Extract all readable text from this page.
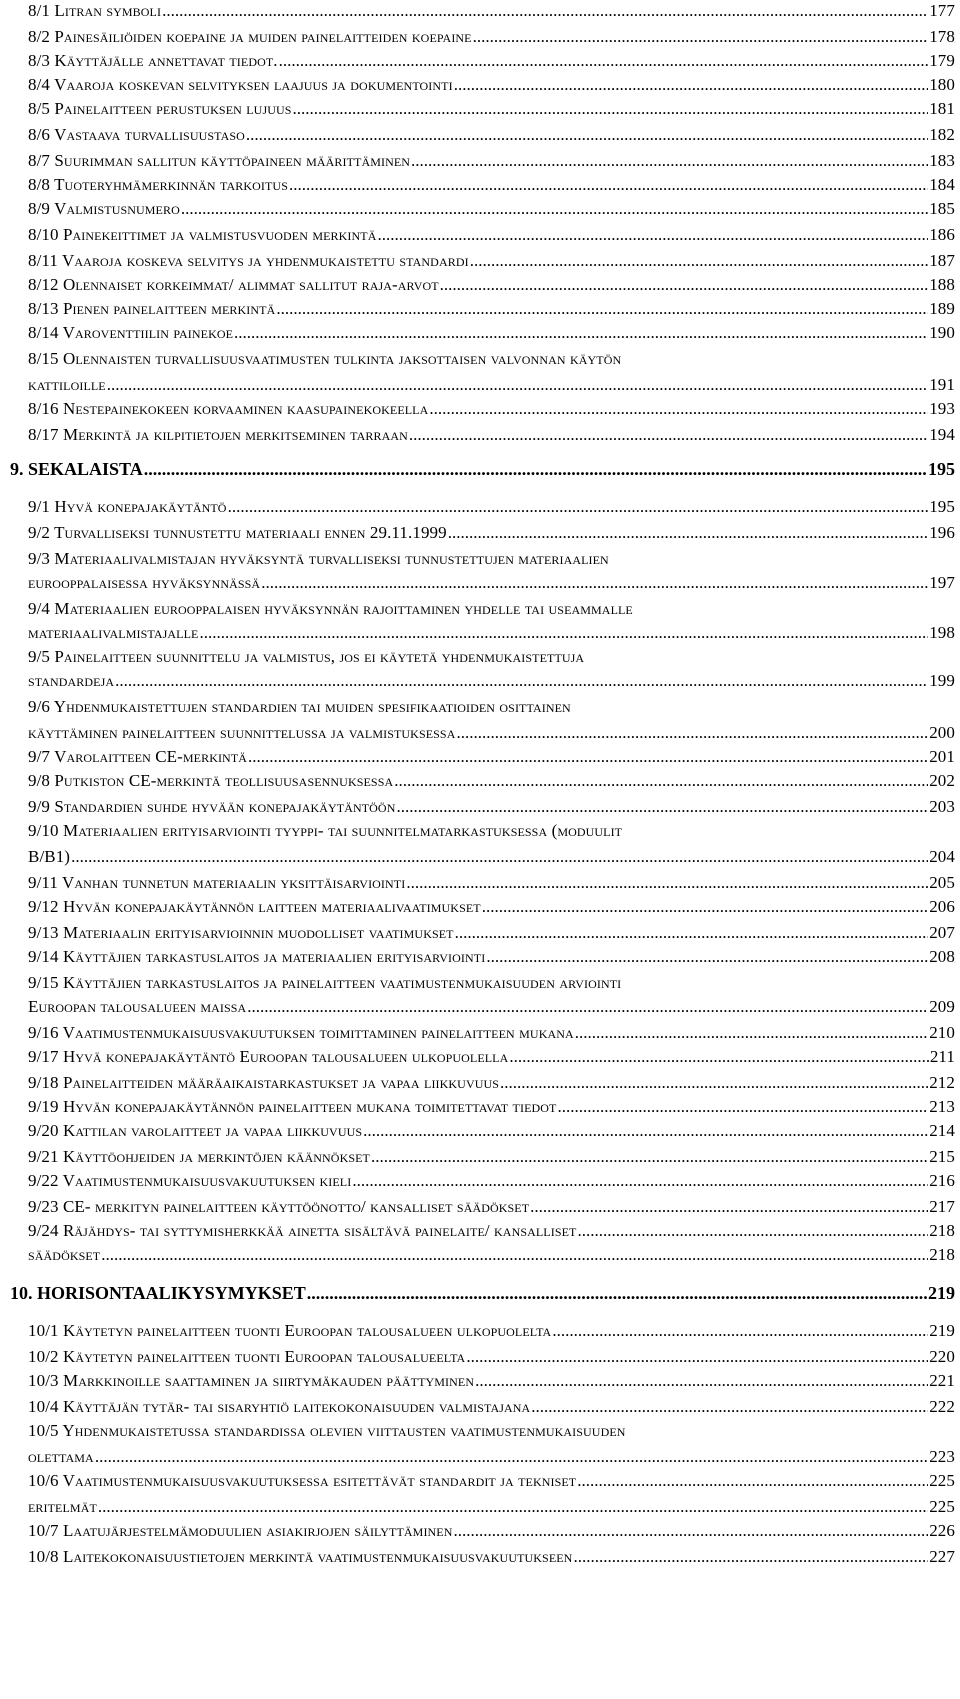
8/1 Litran symboli .....	177
8/2 Painesäiliöiden koepaine ja muiden painelaitteiden koepaine .....	178
8/3 Käyttäjälle annettavat tiedot. .....	179
8/4 Vaaroja koskevan selvityksen laajuus ja dokumentointi .....	180
8/5 Painelaitteen perustuksen lujuus .....	181
8/6 Vastaava turvallisuustaso .....	182
8/7 Suurimman sallitun käyttöpaineen määrittäminen .....	183
8/8 Tuoteryhmämerkinnän tarkoitus .....	184
8/9 Valmistusnumero .....	185
8/10 Painekeittimet ja valmistusvuoden merkintä .....	186
8/11 Vaaroja koskeva selvitys ja yhdenmukaistettu standardi .....	187
8/12 Olennaiset korkeimmat/ alimmat sallitut raja-arvot .....	188
8/13 Pienen painelaitteen merkintä .....	189
8/14 Varoventtiilin painekoe .....	190
8/15 Olennaisten turvallisuusvaatimusten tulkinta jaksottaisen valvonnan käytön
kattiloille .....	191
8/16 Nestepainekokeen korvaaminen kaasupainekokeella .....	193
8/17 Merkintä ja kilpitietojen merkitseminen tarraan .....	194
9. SEKALAISTA .....	195
9/1 Hyvä konepajakäytäntö .....	195
9/2 Turvalliseksi tunnustettu materiaali ennen 29.11.1999 .....	196
9/3 Materiaalivalmistajan hyväksyntä turvalliseksi tunnustettujen materiaalien
eurooppalaisessa hyväksynnässä .....	197
9/4 Materiaalien eurooppalaisen hyväksynnän rajoittaminen yhdelle tai useammalle
materiaalivalmistajalle .....	198
9/5 Painelaitteen suunnittelu ja valmistus, jos ei käytetä yhdenmukaistettuja
standardeja .....	199
9/6 Yhdenmukaistettujen standardien tai muiden spesifikaatioiden osittainen
käyttäminen painelaitteen suunnittelussa ja valmistuksessa .....	200
9/7 Varolaitteen CE-merkintä .....	201
9/8 Putkiston CE-merkintä teollisuusasennuksessa .....	202
9/9 Standardien suhde hyvään konepajakäytäntöön .....	203
9/10 Materiaalien erityisarviointi tyyppi- tai suunnitelmatarkastuksessa (moduulit
B/B1) .....	204
9/11 Vanhan tunnetun materiaalin yksittäisarviointi .....	205
9/12 Hyvän konepajakäytännön laitteen materiaalivaatimukset .....	206
9/13 Materiaalin erityisarvioinnin muodolliset vaatimukset .....	207
9/14 Käyttäjien tarkastuslaitos ja materiaalien erityisarviointi .....	208
9/15 Käyttäjien tarkastuslaitos ja painelaitteen vaatimustenmukaisuuden arviointi
Euroopan talousalueen maissa .....	209
9/16 Vaatimustenmukaisuusvakuutuksen toimittaminen painelaitteen mukana .....	210
9/17 Hyvä konepajakäytäntö Euroopan talousalueen ulkopuolella .....	211
9/18 Painelaitteiden määräaikaistarkastukset ja vapaa liikkuvuus .....	212
9/19 Hyvän konepajakäytännön painelaitteen mukana toimitettavat tiedot .....	213
9/20 Kattilan varolaitteet ja vapaa liikkuvuus .....	214
9/21 Käyttöohjeiden ja merkintöjen käännökset .....	215
9/22 Vaatimustenmukaisuusvakuutuksen kieli .....	216
9/23 CE- merkityn painelaitteen käyttöönotto/ kansalliset säädökset .....	217
9/24 Räjähdys- tai syttymisherkkää ainetta sisältävä painelaite/ kansalliset .....	218
säädökset .....	218
10. HORISONTAALIKYSYMYKSET .....	219
10/1 Käytetyn painelaitteen tuonti Euroopan talousalueen ulkopuolelta .....	219
10/2 Käytetyn painelaitteen tuonti Euroopan talousalueelta .....	220
10/3 Markkinoille saattaminen ja siirtymäkauden päättyminen .....	221
10/4 Käyttäjän tytär- tai sisaryhtiö laitekokonaisuuden valmistajana .....	222
10/5 Yhdenmukaistetussa standardissa olevien viittausten vaatimustenmukaisuuden
olettama .....	223
10/6 Vaatimustenmukaisuusvakuutuksessa esitettävät standardit ja tekniset .....	225
eritelmät .....	225
10/7 Laatujärjestelmämoduulien asiakirjojen säilyttäminen .....	226
10/8 Laitekokonaisuustietojen merkintä vaatimustenmukaisuusvakuutukseen .....	227
